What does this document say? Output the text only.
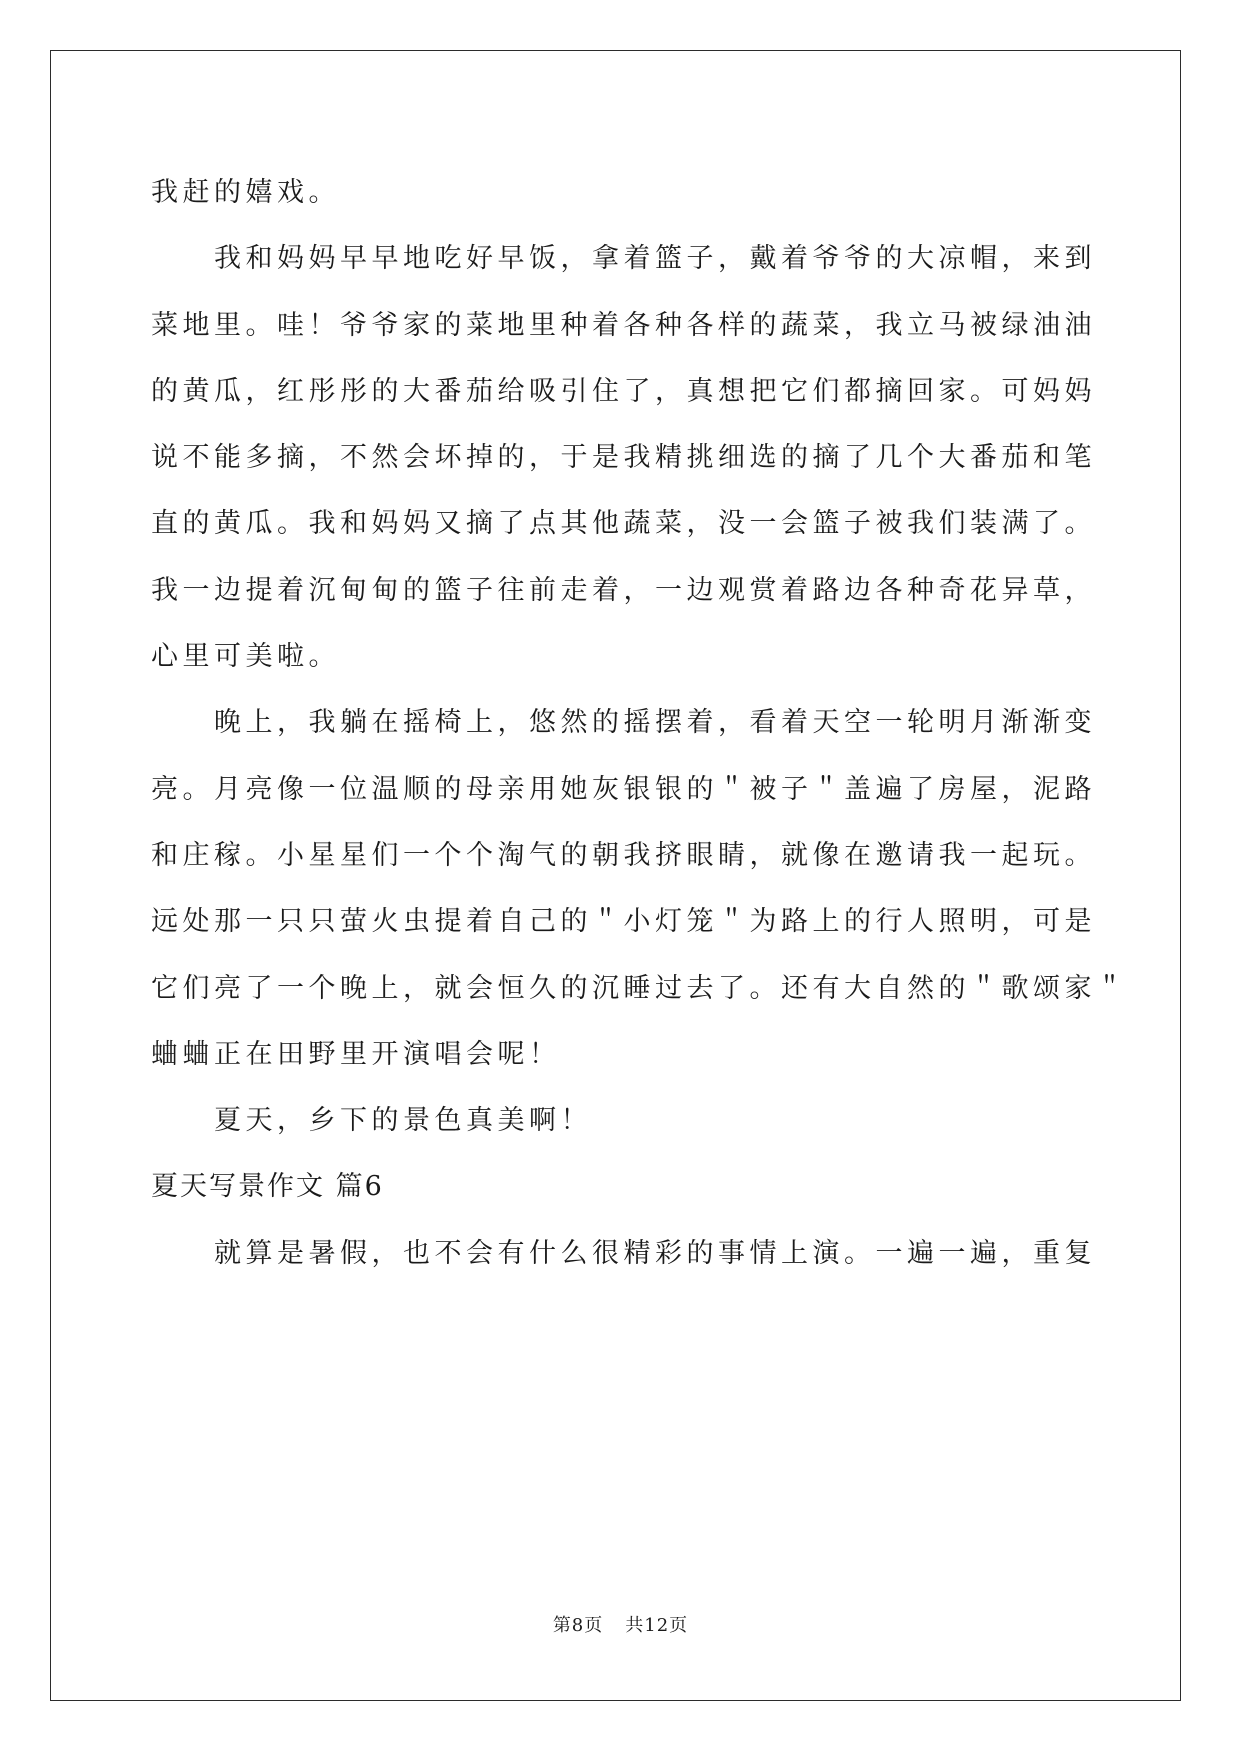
我赶的嬉戏。
我和妈妈早早地吃好早饭，拿着篮子，戴着爷爷的大凉帽，来到
菜地里。哇！爷爷家的菜地里种着各种各样的蔬菜，我立马被绿油油
的黄瓜，红彤彤的大番茄给吸引住了，真想把它们都摘回家。可妈妈
说不能多摘，不然会坏掉的，于是我精挑细选的摘了几个大番茄和笔
直的黄瓜。我和妈妈又摘了点其他蔬菜，没一会篮子被我们装满了。
我一边提着沉甸甸的篮子往前走着，一边观赏着路边各种奇花异草，
心里可美啦。
晚上，我躺在摇椅上，悠然的摇摆着，看着天空一轮明月渐渐变
亮。月亮像一位温顺的母亲用她灰银银的＂被子＂盖遍了房屋，泥路
和庄稼。小星星们一个个淘气的朝我挤眼睛，就像在邀请我一起玩。
远处那一只只萤火虫提着自己的＂小灯笼＂为路上的行人照明，可是
它们亮了一个晚上，就会恒久的沉睡过去了。还有大自然的＂歌颂家＂
蛐蛐正在田野里开演唱会呢！
夏天，乡下的景色真美啊！
夏天写景作文 篇6
就算是暑假，也不会有什么很精彩的事情上演。一遍一遍，重复
第8页 共12页
